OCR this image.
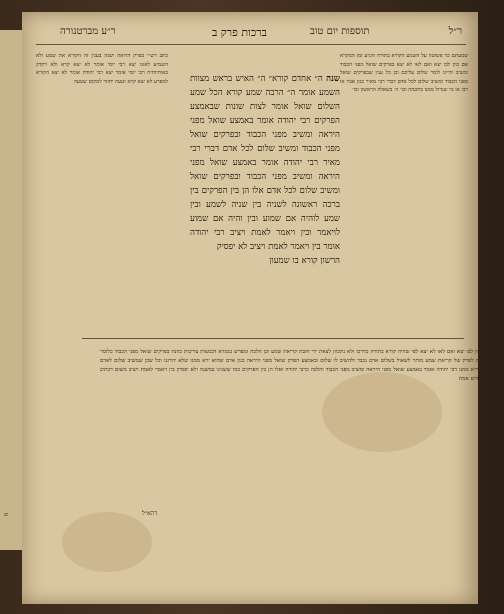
ר״ע מברטנורה	ברכות פרק ב	תוספות יום טוב	ר״ל

שמעתם כד פשוטה על השמע הקורא בתורה והגיע זמן המקרא אם כוון לבו יצא ואם לאו לא יצא בפרקים שואל מפני הכבוד ומשיב והיינו לומר שלום עליכם וכן כל ענין שבפרקים שואל מפני הכבוד ומשיב שלום לכל אדם דברי רבי מאיר כגון אביו או רבו או מי שגדול ממנו בחכמה וכו׳ ה׳ בשאלה הראשון וכו׳

שנה ה״ אחדם קורא״ ה״ האיש בראש מצוות השמע אומר ה״ הרבה שמע קורא הכל שמע השלום שואל אומר לצות שונות שבאמצע הפרקים רבי יהודה אומר באמצע שואל מפני היראה ומשיב מפני הכבוד ובפרקים שואל מפני הכבוד ומשיב שלום לכל אדם דברי רבי מאיר רבי יהודה אומר באמצע שואל מפני היראה ומשיב מפני הכבוד ובפרקים שואל ומשיב שלום לכל אדם אלו הן בין הפרקים בין ברכה ראשונה לשניה בין שניה לשמע ובין שמע לוהיה אם שמוע ובין והיה אם שמוע לויאמר ובין ויאמר לאמת ויציב רבי יהודה אומר בין ויאמר לאמת ויציב לא יפסיק

הרשון קורא בו שמעון

כתב רש״י בפרק הרואה ושגה בענין זה הקורא את שמע ולא השמיע לאזנו יצא רבי יוסי אומר לא יצא קרא ולא דקדק באותיותיה רבי יוסי אומר יצא רבי יהודה אומר לא יצא הקורא למפרע לא יצא קרא וטעה יחזור למקום שטעה

ואם כוון לבו יצא ואם לאו לא יצא לפי שהיה קורא בתורה כדרכו ולא נתכוון לצאת ידי חובת קריאת שמע וכן הלכה ומפרש בגמרא דבמצות צריכות כוונה בפרקים שואל מפני הכבוד כלומר בין פרק לפרק של קריאת שמע מותר לשאול בשלום אדם נכבד ולהשיב לו שלום ובאמצע הפרק שואל מפני היראה כגון אדם שהוא ירא ממנו שלא יהרגנו וכל שכן שמשיב שלום לאדם שהוא ירא ממנו רבי יהודה אומר באמצע שואל מפני היראה ומשיב מפני הכבוד והלכה כרבי יהודה ואלו הן בין הפרקים כמו ששנינו במשנה ולא יפסיק בין ויאמר לאמת ויציב משום דכתיב וה׳ אלהים אמת

דהא״ל
ום
